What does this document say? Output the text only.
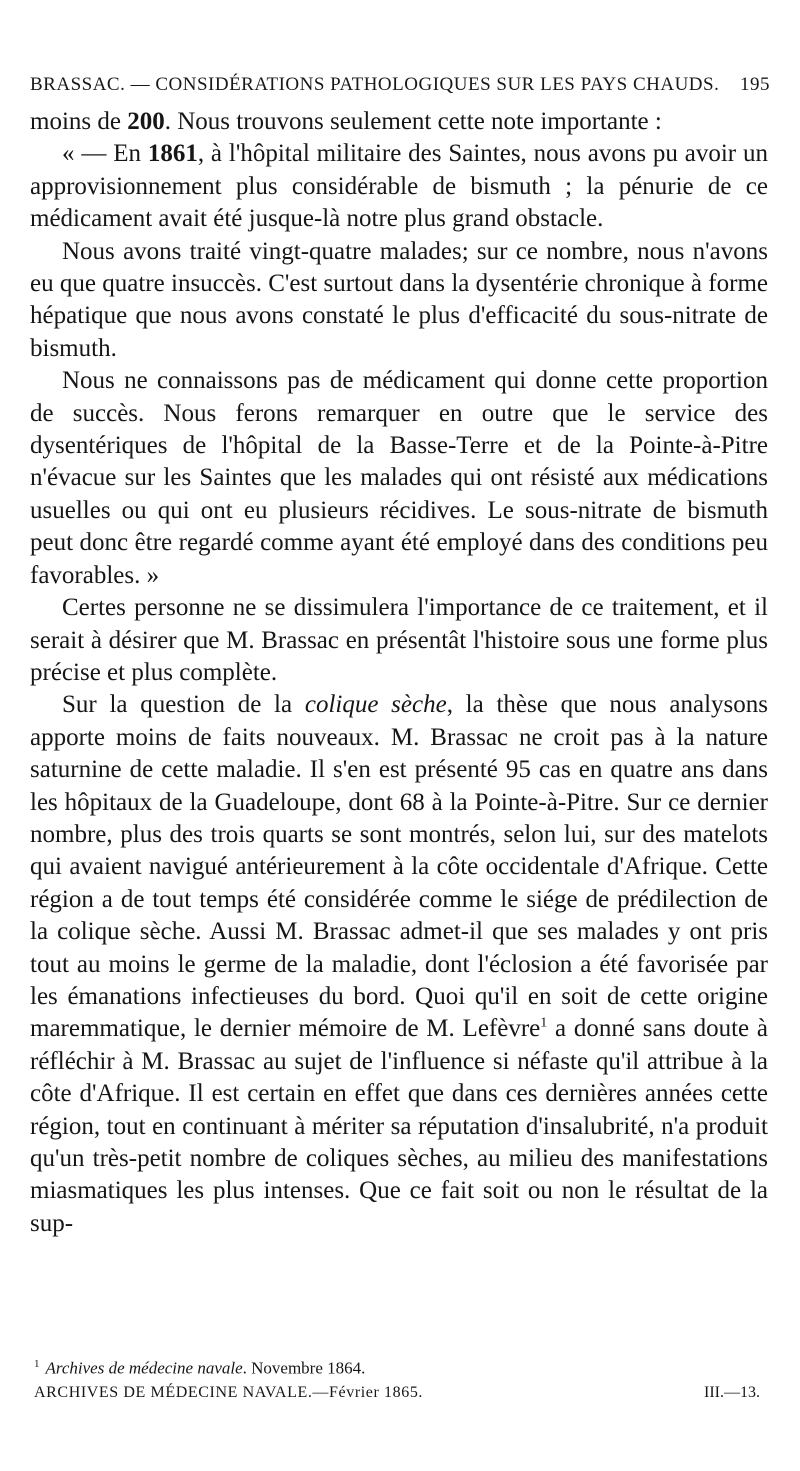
BRASSAC. — CONSIDÉRATIONS PATHOLOGIQUES SUR LES PAYS CHAUDS. 195

moins de 200. Nous trouvons seulement cette note importante :

« — En 1861, à l'hôpital militaire des Saintes, nous avons pu avoir un approvisionnement plus considérable de bismuth ; la pénurie de ce médicament avait été jusque-là notre plus grand obstacle.

Nous avons traité vingt-quatre malades; sur ce nombre, nous n'avons eu que quatre insuccès. C'est surtout dans la dysentérie chronique à forme hépatique que nous avons constaté le plus d'efficacité du sous-nitrate de bismuth.

Nous ne connaissons pas de médicament qui donne cette proportion de succès. Nous ferons remarquer en outre que le service des dysentériques de l'hôpital de la Basse-Terre et de la Pointe-à-Pitre n'évacue sur les Saintes que les malades qui ont résisté aux médications usuelles ou qui ont eu plusieurs récidives. Le sous-nitrate de bismuth peut donc être regardé comme ayant été employé dans des conditions peu favorables. »

Certes personne ne se dissimulera l'importance de ce traitement, et il serait à désirer que M. Brassac en présentât l'histoire sous une forme plus précise et plus complète.

Sur la question de la colique sèche, la thèse que nous analysons apporte moins de faits nouveaux. M. Brassac ne croit pas à la nature saturnine de cette maladie. Il s'en est présenté 95 cas en quatre ans dans les hôpitaux de la Guadeloupe, dont 68 à la Pointe-à-Pitre. Sur ce dernier nombre, plus des trois quarts se sont montrés, selon lui, sur des matelots qui avaient navigué antérieurement à la côte occidentale d'Afrique. Cette région a de tout temps été considérée comme le siége de prédilection de la colique sèche. Aussi M. Brassac admet-il que ses malades y ont pris tout au moins le germe de la maladie, dont l'éclosion a été favorisée par les émanations infectieuses du bord. Quoi qu'il en soit de cette origine maremmatique, le dernier mémoire de M. Lefèvre$^1$ a donné sans doute à réfléchir à M. Brassac au sujet de l'influence si néfaste qu'il attribue à la côte d'Afrique. Il est certain en effet que dans ces dernières années cette région, tout en continuant à mériter sa réputation d'insalubrité, n'a produit qu'un très-petit nombre de coliques sèches, au milieu des manifestations miasmatiques les plus intenses. Que ce fait soit ou non le résultat de la sup-

$^1$ Archives de médecine navale. Novembre 1864.
ARCHIVES DE MÉDECINE NAVALE.—Février 1865.	III.—13.
